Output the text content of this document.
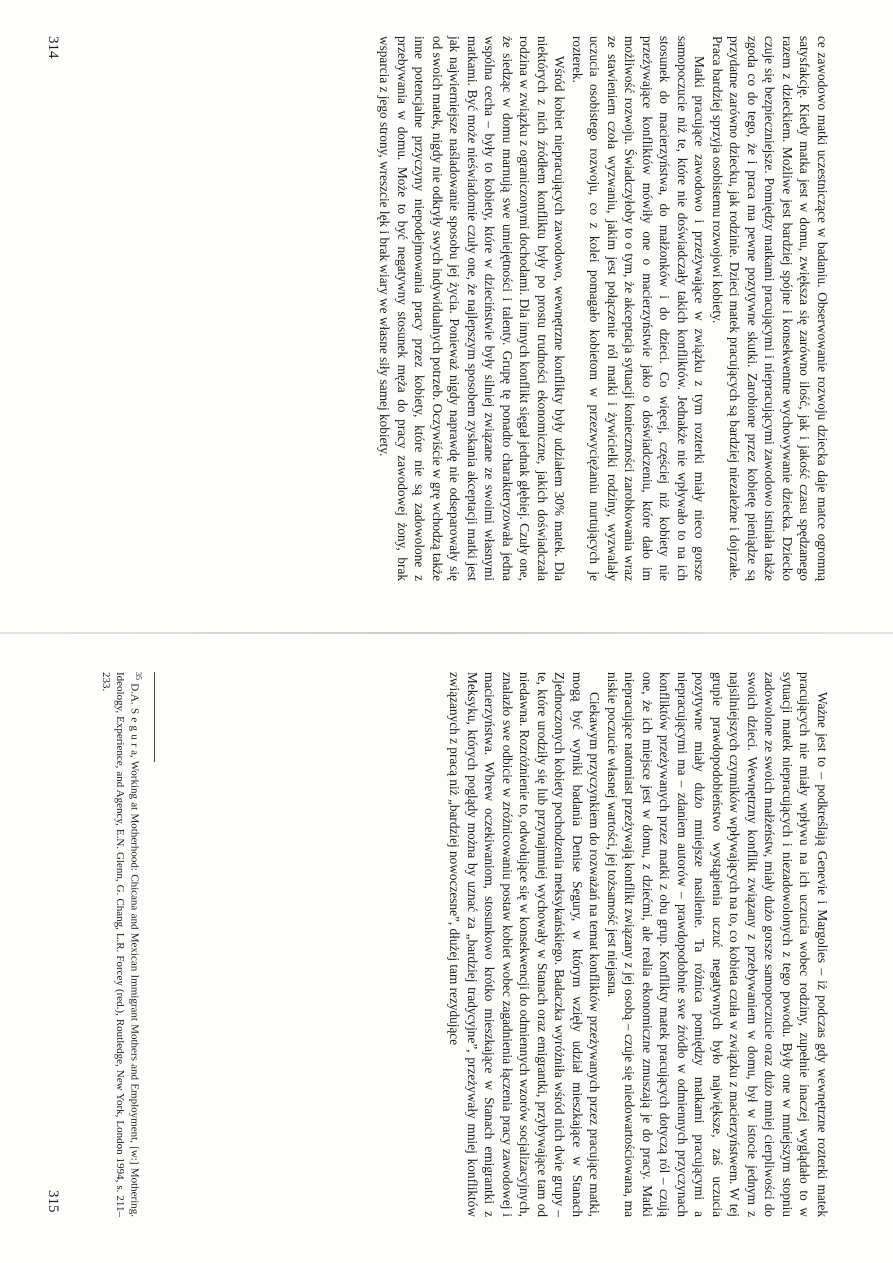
ce zawodowo matki uczestniczące w badaniu. Obserwowanie rozwoju dziecka daje matce ogromną satysfakcję. Kiedy matka jest w domu, zwiększa się zarówno ilość, jak i jakość czasu spędzanego razem z dzieckiem. Możliwe jest bardziej spójne i konsekwentne wychowywanie dziecka. Dziecko czuje się bezpieczniejsze. Pomiędzy matkami pracującymi i niepracującymi zawodowo istniała także zgoda co do tego, że i praca ma pewne pozytywne skutki. Zarobione przez kobietę pieniądze są przydatne zarówno dziecku, jak rodzinie. Dzieci matek pracujących są bardziej niezależne i dojrzałe. Praca bardziej sprzyja osobistemu rozwojowi kobiety.

Matki pracujące zawodowo i przeżywające w związku z tym rozterki miały nieco gorsze samopoczucie niż te, które nie doświadczały takich konfliktów. Jednakże nie wpływało to na ich stosunek do macierzyństwa, do małżonków i do dzieci. Co więcej, częściej niż kobiety nie przeżywające konfliktów mówiły one o macierzyństwie jako o doświadczeniu, które dało im możliwość rozwoju. Świadczyłoby to o tym, że akceptacja sytuacji konieczności zarobkowania wraz ze stawieniem czoła wyzwaniu, jakim jest połączenie ról matki i żywicielki rodziny, wyzwalały uczucia osobistego rozwoju, co z kolei pomagało kobietom w przezwyciężaniu nurtujących je rozterek.

Wśród kobiet niepracujących zawodowo, wewnętrzne konflikty były udziałem 30% matek. Dla niektórych z nich źródłem konfliktu były po prostu trudności ekonomiczne, jakich doświadczała rodzina w związku z ograniczonymi dochodami. Dla innych konflikt sięgał jednak głębiej. Czuły one, że siedząc w domu marnują swe umiejętności i talenty. Grupę tę ponadto charakteryzowała jedna wspólna cecha – były to kobiety, które w dzieciństwie były silniej związane ze swoimi własnymi matkami. Być może nieświadomie czuły one, że najlepszym sposobem zyskania akceptacji matki jest jak najwierniejsze naśladowanie sposobu jej życia. Ponieważ nigdy naprawdę nie odseparowały się od swoich matek, nigdy nie odkryły swych indywidualnych potrzeb. Oczywiście w grę wchodzą także inne potencjalne przyczyny niepodejmowania pracy przez kobiety, które nie są zadowolone z przebywania w domu. Może to być negatywny stosunek męża do pracy zawodowej żony, brak wsparcia z jego strony, wreszcie lęk i brak wiary we własne siły samej kobiety.

314

Ważne jest to – podkreślają Genevie i Margolies – iż podczas gdy wewnętrzne rozterki matek pracujących nie miały wpływu na ich uczucia wobec rodziny, zupełnie inaczej wyglądało to w sytuacji matek niepracujących i niezadowolonych z tego powodu. Były one w mniejszym stopniu zadowolone ze swoich małżeństw, miały dużo gorsze samopoczucie oraz dużo mniej cierpliwości do swoich dzieci. Wewnętrzny konflikt związany z przebywaniem w domu, był w istocie jednym z najsilniejszych czynników wpływających na to, co kobieta czuła w związku z macierzyństwem. W tej grupie prawdopodobieństwo wystąpienia uczuć negatywnych było największe, zaś uczucia pozytywne miały dużo mniejsze nasilenie. Ta różnica pomiędzy matkami pracującymi a niepracującymi ma – zdaniem autorów – prawdopodobnie swe źródło w odmiennych przyczynach konfliktów przeżywanych przez matki z obu grup. Konflikty matek pracujących dotyczą ról – czują one, że ich miejsce jest w domu, z dziećmi, ale realia ekonomiczne zmuszają je do pracy. Matki niepracujące natomiast przeżywają konflikt związany z jej osobą – czuje się niedowartościowana, ma niskie poczucie własnej wartości, jej tożsamość jest niejasna.

Ciekawym przyczynkiem do rozważań na temat konfliktów przeżywanych przez pracujące matki, mogą być wyniki badania Denise Segury, w którym wzięły udział mieszkające w Stanach Zjednoczonych kobiety pochodzenia meksykańskiego. Badaczka wyróżniła wśród nich dwie grupy – te, które urodziły się lub przynajmniej wychowały w Stanach oraz emigrantki, przybywające tam od niedawna. Rozróżnienie to, odwołujące się w konsekwencji do odmiennych wzorów socjalizacyjnych, znalazło swe odbicie w zróżnicowaniu postaw kobiet wobec zagadnienia łączenia pracy zawodowej i macierzyństwa. Wbrew oczekiwaniom, stosunkowo krótko mieszkające w Stanach emigrantki z Meksyku, których poglądy można by uznać za „bardziej tradycyjne”, przeżywały mniej konfliktów związanych z pracą niż „bardziej nowoczesne”, dłużej tam rezydujące

$^{35}$ D.A. S e g u r a, Working at Motherhood: Chicana and Mexican Immigrant Mothers and Employment, [w:] Mothering. Ideology, Experience, and Agency, E.N. Glenn, G. Chang, L.R. Forcey (red.), Routledge, New York, London 1994, s. 211–233.
315
